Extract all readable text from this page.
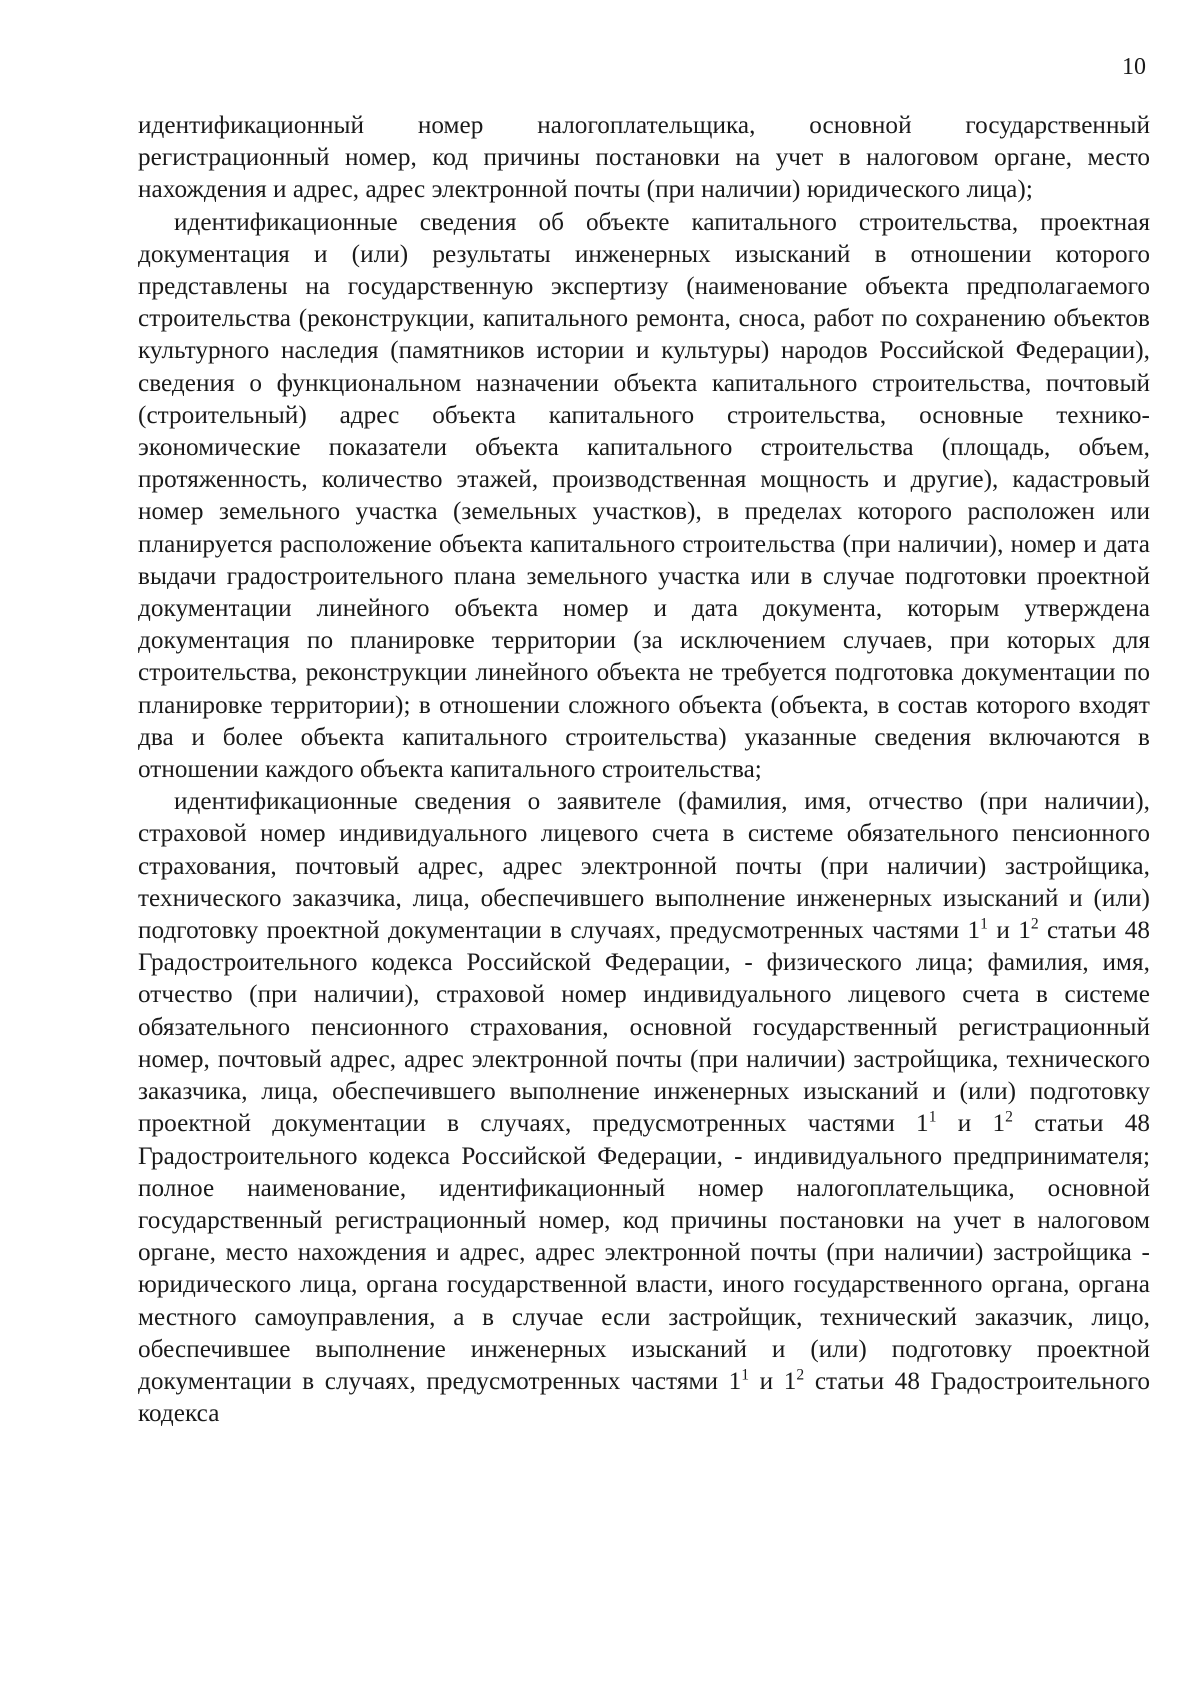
10

идентификационный номер налогоплательщика, основной государственный регистрационный номер, код причины постановки на учет в налоговом органе, место нахождения и адрес, адрес электронной почты (при наличии) юридического лица);

идентификационные сведения об объекте капитального строительства, проектная документация и (или) результаты инженерных изысканий в отношении которого представлены на государственную экспертизу (наименование объекта предполагаемого строительства (реконструкции, капитального ремонта, сноса, работ по сохранению объектов культурного наследия (памятников истории и культуры) народов Российской Федерации), сведения о функциональном назначении объекта капитального строительства, почтовый (строительный) адрес объекта капитального строительства, основные технико-экономические показатели объекта капитального строительства (площадь, объем, протяженность, количество этажей, производственная мощность и другие), кадастровый номер земельного участка (земельных участков), в пределах которого расположен или планируется расположение объекта капитального строительства (при наличии), номер и дата выдачи градостроительного плана земельного участка или в случае подготовки проектной документации линейного объекта номер и дата документа, которым утверждена документация по планировке территории (за исключением случаев, при которых для строительства, реконструкции линейного объекта не требуется подготовка документации по планировке территории); в отношении сложного объекта (объекта, в состав которого входят два и более объекта капитального строительства) указанные сведения включаются в отношении каждого объекта капитального строительства;

идентификационные сведения о заявителе (фамилия, имя, отчество (при наличии), страховой номер индивидуального лицевого счета в системе обязательного пенсионного страхования, почтовый адрес, адрес электронной почты (при наличии) застройщика, технического заказчика, лица, обеспечившего выполнение инженерных изысканий и (или) подготовку проектной документации в случаях, предусмотренных частями $1^1$ и $1^2$ статьи 48 Градостроительного кодекса Российской Федерации, - физического лица; фамилия, имя, отчество (при наличии), страховой номер индивидуального лицевого счета в системе обязательного пенсионного страхования, основной государственный регистрационный номер, почтовый адрес, адрес электронной почты (при наличии) застройщика, технического заказчика, лица, обеспечившего выполнение инженерных изысканий и (или) подготовку проектной документации в случаях, предусмотренных частями $1^1$ и $1^2$ статьи 48 Градостроительного кодекса Российской Федерации, - индивидуального предпринимателя; полное наименование, идентификационный номер налогоплательщика, основной государственный регистрационный номер, код причины постановки на учет в налоговом органе, место нахождения и адрес, адрес электронной почты (при наличии) застройщика - юридического лица, органа государственной власти, иного государственного органа, органа местного самоуправления, а в случае если застройщик, технический заказчик, лицо, обеспечившее выполнение инженерных изысканий и (или) подготовку проектной документации в случаях, предусмотренных частями $1^1$ и $1^2$ статьи 48 Градостроительного кодекса
